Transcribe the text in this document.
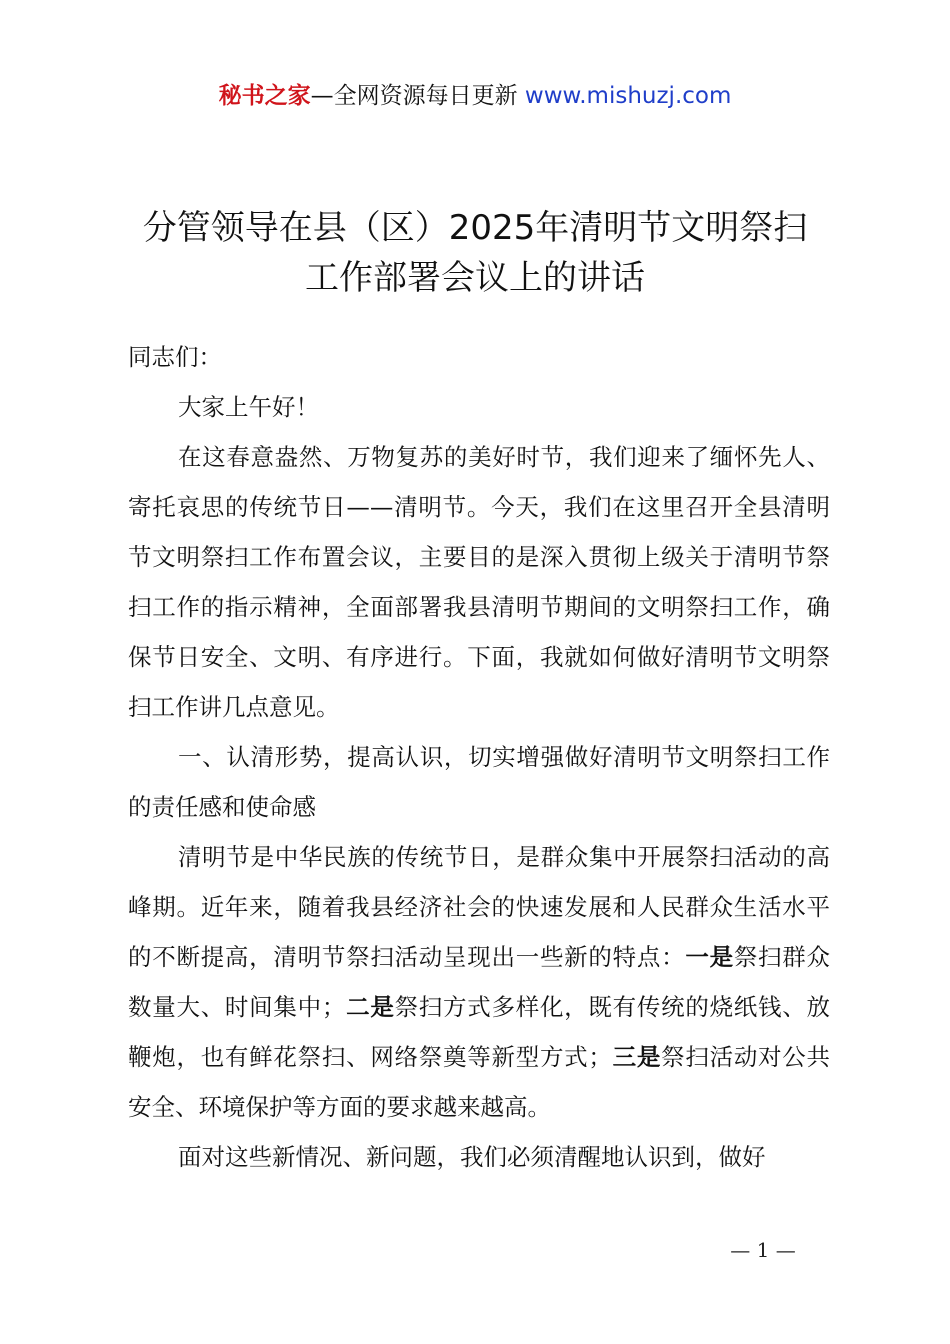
秘书之家—全网资源每日更新 www.mishuzj.com
分管领导在县（区）2025年清明节文明祭扫
工作部署会议上的讲话

同志们：

大家上午好！

在这春意盎然、万物复苏的美好时节，我们迎来了缅怀先人、寄托哀思的传统节日——清明节。今天，我们在这里召开全县清明节文明祭扫工作布置会议，主要目的是深入贯彻上级关于清明节祭扫工作的指示精神，全面部署我县清明节期间的文明祭扫工作，确保节日安全、文明、有序进行。下面，我就如何做好清明节文明祭扫工作讲几点意见。

一、认清形势，提高认识，切实增强做好清明节文明祭扫工作的责任感和使命感

清明节是中华民族的传统节日，是群众集中开展祭扫活动的高峰期。近年来，随着我县经济社会的快速发展和人民群众生活水平的不断提高，清明节祭扫活动呈现出一些新的特点：一是祭扫群众数量大、时间集中；二是祭扫方式多样化，既有传统的烧纸钱、放鞭炮，也有鲜花祭扫、网络祭奠等新型方式；三是祭扫活动对公共安全、环境保护等方面的要求越来越高。

面对这些新情况、新问题，我们必须清醒地认识到，做好

— 1 —
